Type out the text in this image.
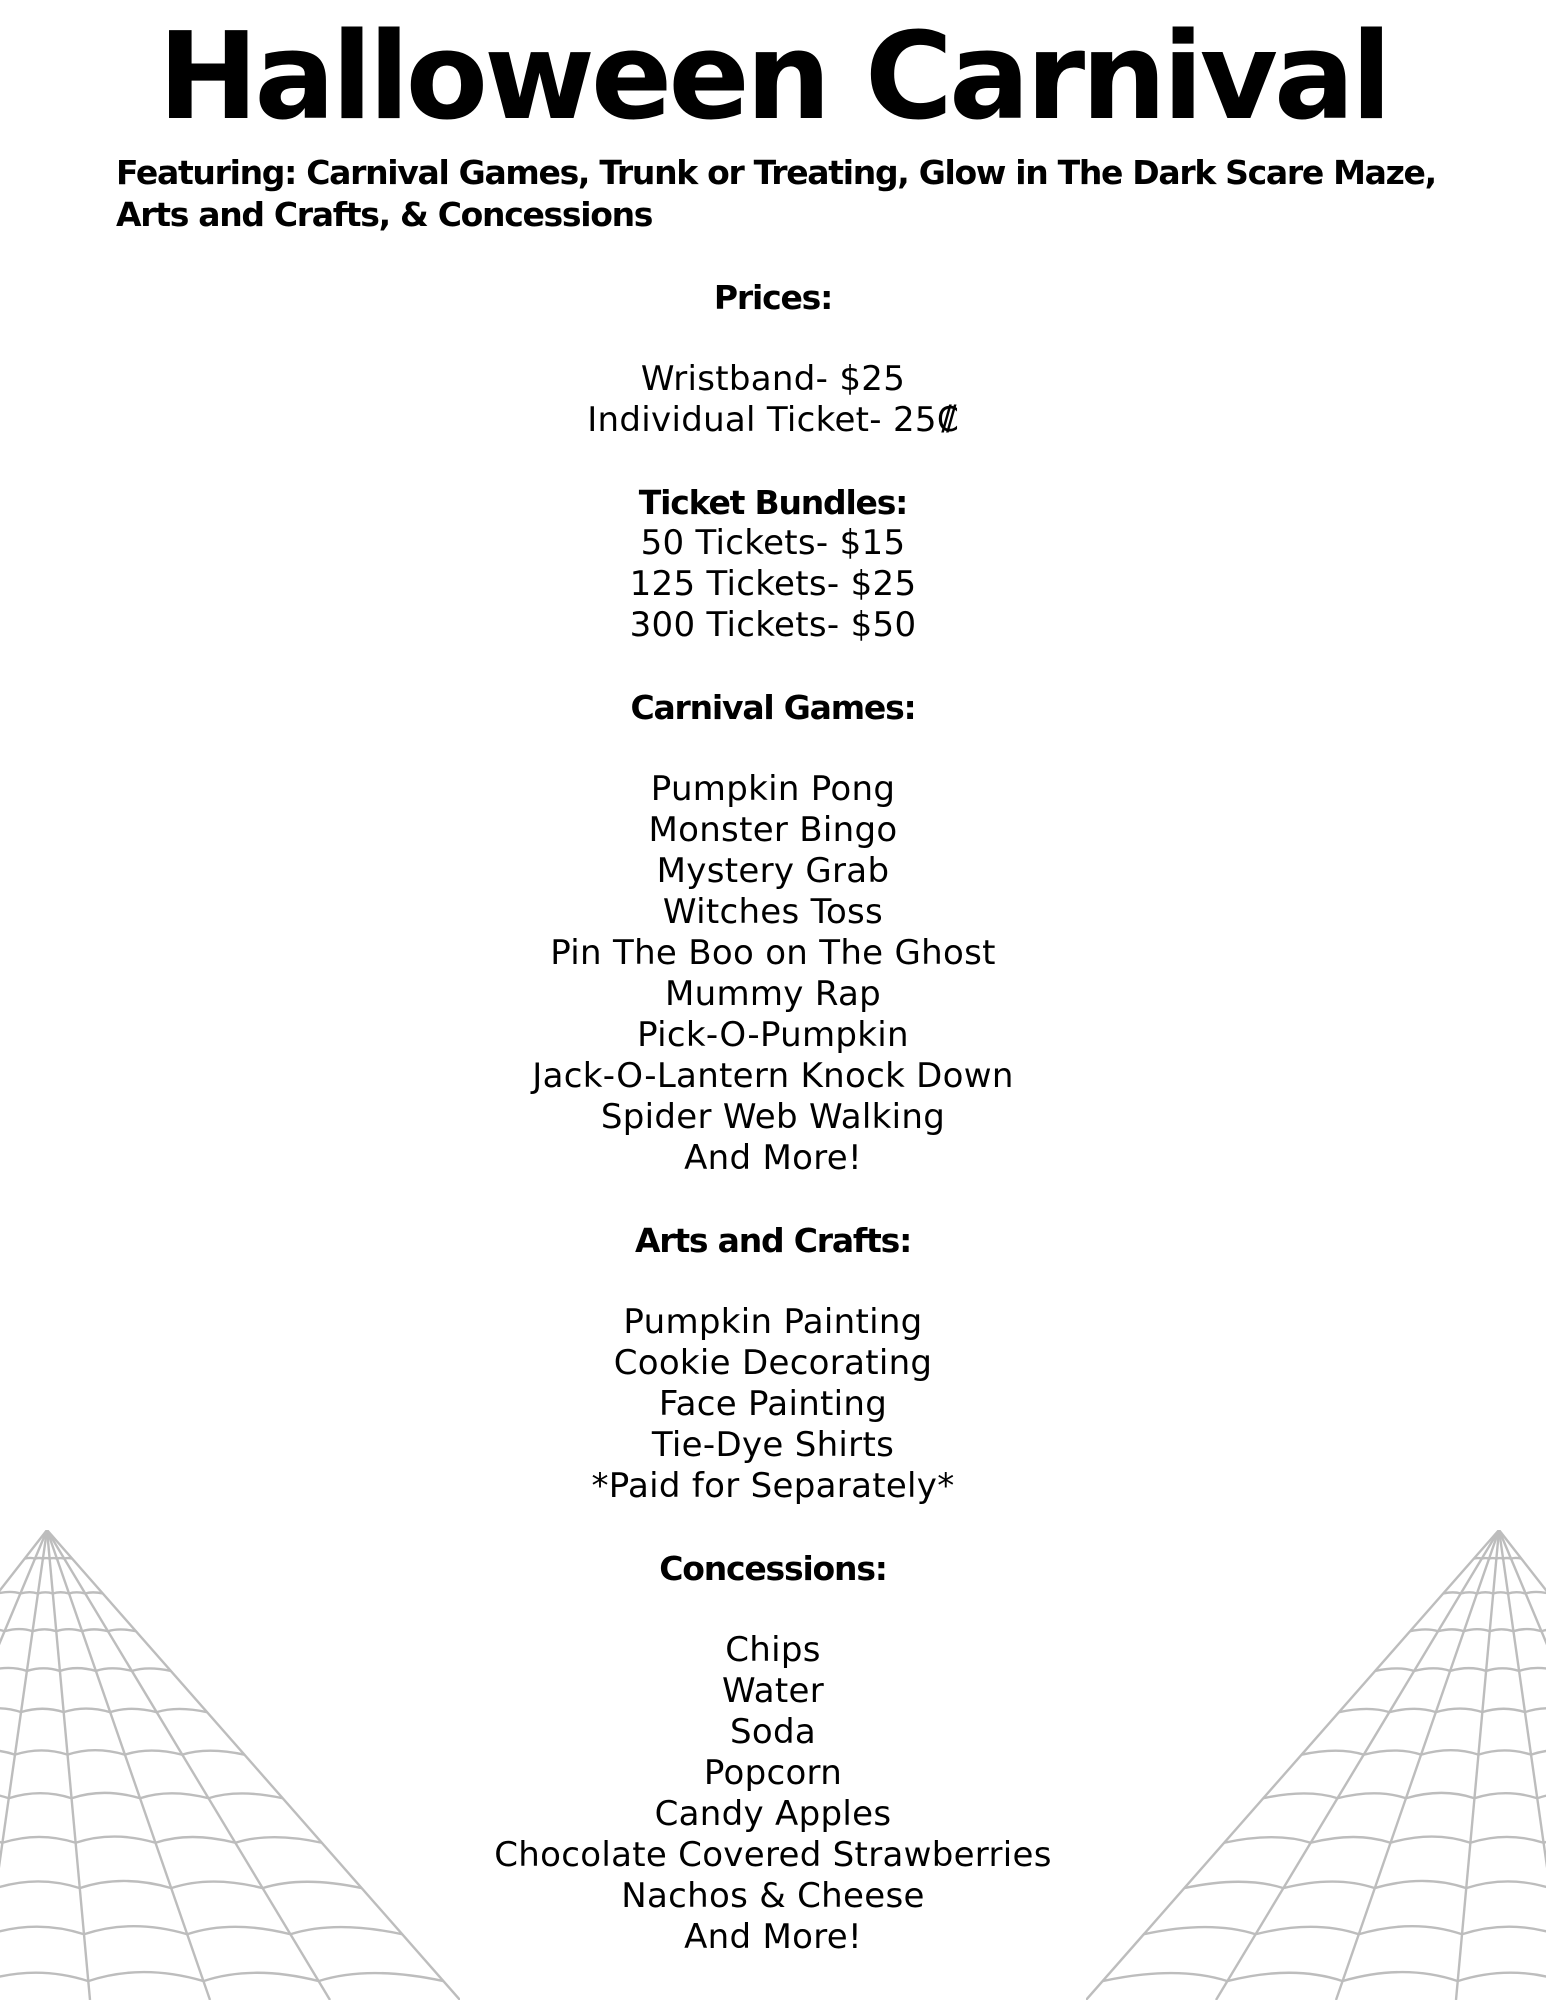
Halloween Carnival

Featuring: Carnival Games, Trunk or Treating, Glow in The Dark Scare Maze, Arts and Crafts, & Concessions

Prices:

Wristband- $25

Individual Ticket- 25₡

Ticket Bundles:

50 Tickets- $15

125 Tickets- $25

300 Tickets- $50

Carnival Games:

Pumpkin Pong

Monster Bingo

Mystery Grab

Witches Toss

Pin The Boo on The Ghost

Mummy Rap

Pick-O-Pumpkin

Jack-O-Lantern Knock Down

Spider Web Walking

And More!

Arts and Crafts:

Pumpkin Painting

Cookie Decorating

Face Painting

Tie-Dye Shirts

*Paid for Separately*

Concessions:

Chips

Water

Soda

Popcorn

Candy Apples

Chocolate Covered Strawberries

Nachos & Cheese

And More!
